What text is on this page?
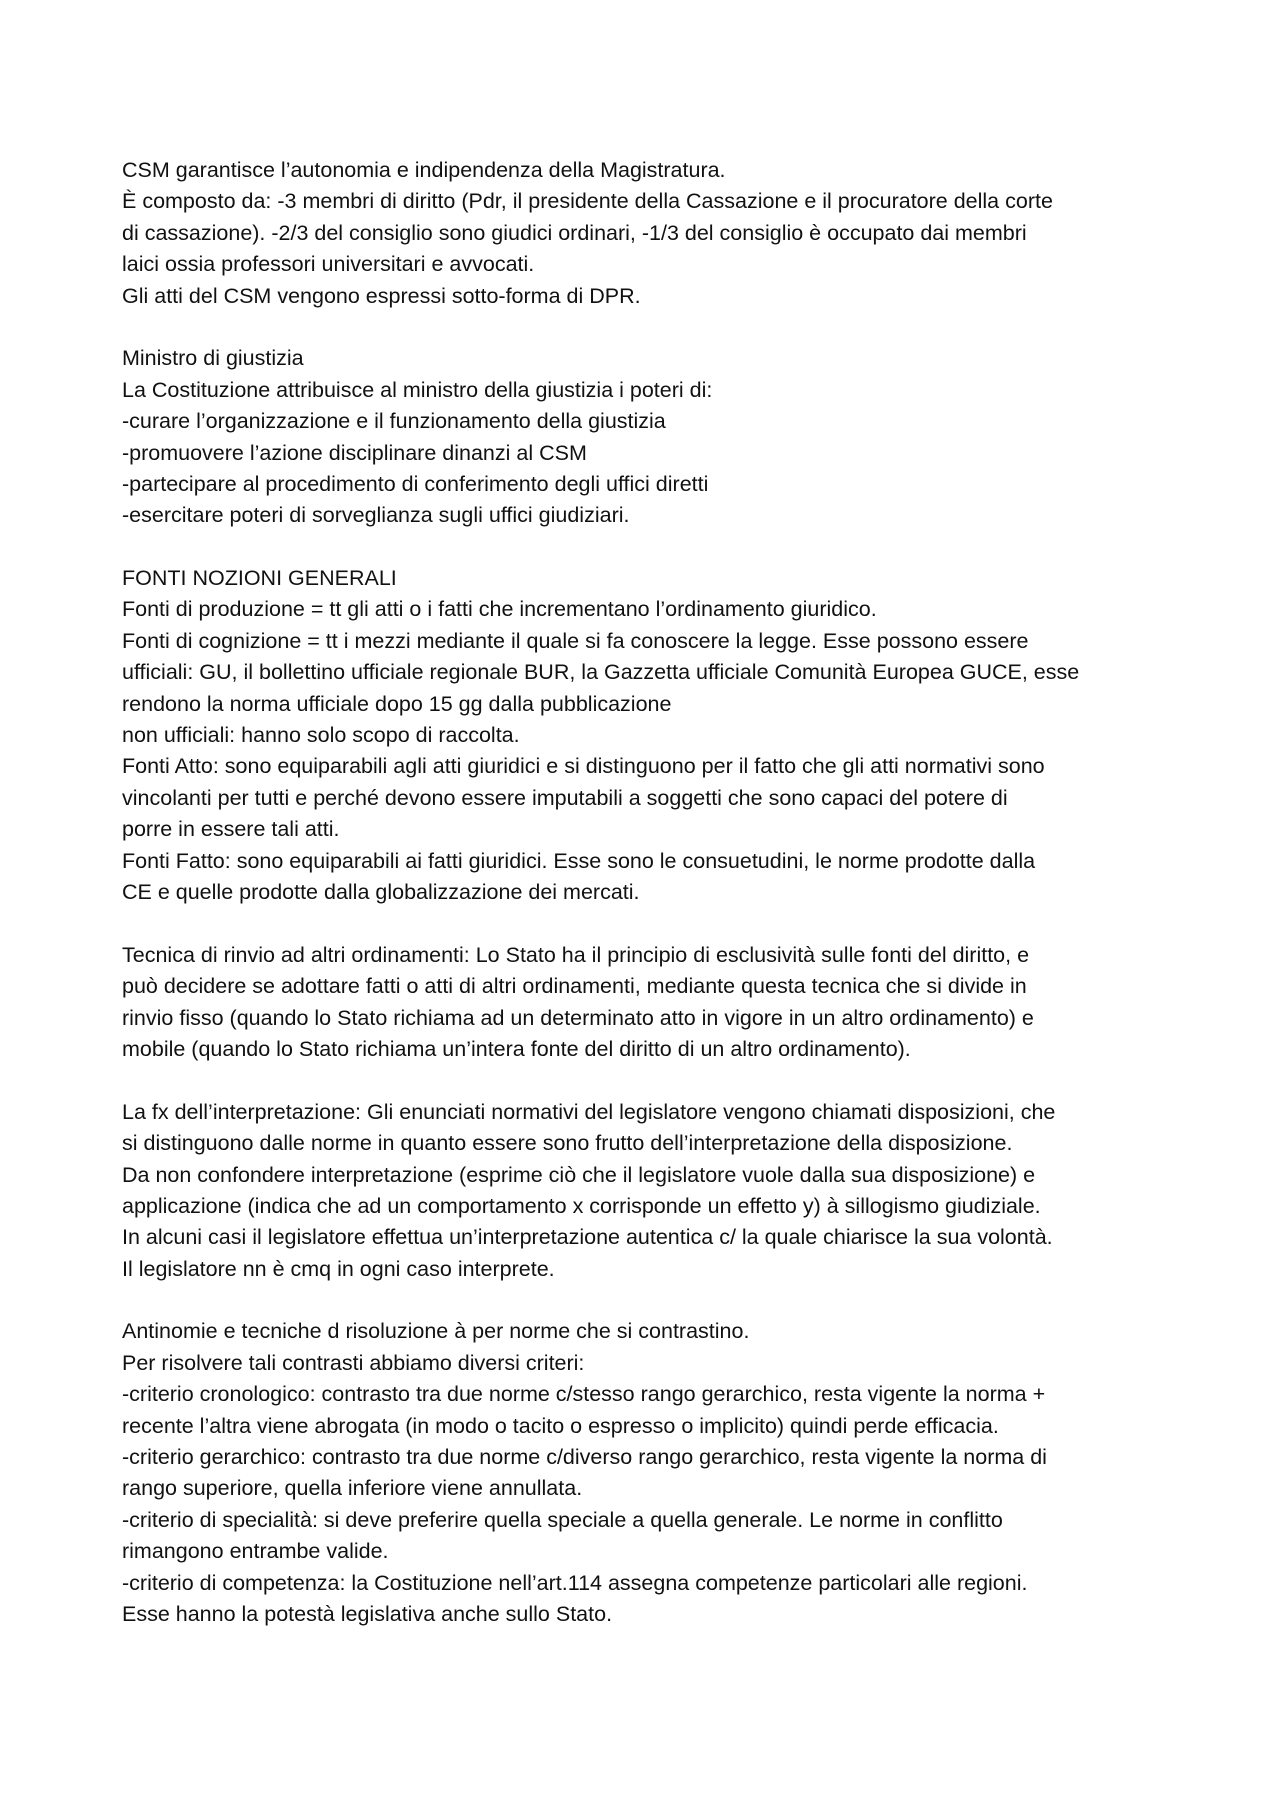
CSM garantisce l’autonomia e indipendenza della Magistratura.
È composto da: -3 membri di diritto (Pdr, il presidente della Cassazione e il procuratore della corte
di cassazione). -2/3 del consiglio sono giudici ordinari, -1/3 del consiglio è occupato dai membri
laici ossia professori universitari e avvocati.
Gli atti del CSM vengono espressi sotto-forma di DPR.
Ministro di giustizia
La Costituzione attribuisce al ministro della giustizia i poteri di:
-curare l’organizzazione e il funzionamento della giustizia
-promuovere l’azione disciplinare dinanzi al CSM
-partecipare al procedimento di conferimento degli uffici diretti
-esercitare poteri di sorveglianza sugli uffici giudiziari.
FONTI NOZIONI GENERALI
Fonti di produzione = tt gli atti o i fatti che incrementano l’ordinamento giuridico.
Fonti di cognizione = tt i mezzi mediante il quale si fa conoscere la legge. Esse possono essere
ufficiali: GU, il bollettino ufficiale regionale BUR, la Gazzetta ufficiale Comunità Europea GUCE, esse
rendono la norma ufficiale dopo 15 gg dalla pubblicazione
non ufficiali: hanno solo scopo di raccolta.
Fonti Atto: sono equiparabili agli atti giuridici e si distinguono per il fatto che gli atti normativi sono
vincolanti per tutti e perché devono essere imputabili a soggetti che sono capaci del potere di
porre in essere tali atti.
Fonti Fatto: sono equiparabili ai fatti giuridici. Esse sono le consuetudini, le norme prodotte dalla
CE e quelle prodotte dalla globalizzazione dei mercati.
Tecnica di rinvio ad altri ordinamenti: Lo Stato ha il principio di esclusività sulle fonti del diritto, e
può decidere se adottare fatti o atti di altri ordinamenti, mediante questa tecnica che si divide in
rinvio fisso (quando lo Stato richiama ad un determinato atto in vigore in un altro ordinamento) e
mobile (quando lo Stato richiama un’intera fonte del diritto di un altro ordinamento).
La fx dell’interpretazione: Gli enunciati normativi del legislatore vengono chiamati disposizioni, che
si distinguono dalle norme in quanto essere sono frutto dell’interpretazione della disposizione.
Da non confondere interpretazione (esprime ciò che il legislatore vuole dalla sua disposizione) e
applicazione (indica che ad un comportamento x corrisponde un effetto y) à sillogismo giudiziale.
In alcuni casi il legislatore effettua un’interpretazione autentica c/ la quale chiarisce la sua volontà.
Il legislatore nn è cmq in ogni caso interprete.
Antinomie e tecniche d risoluzione à per norme che si contrastino.
Per risolvere tali contrasti abbiamo diversi criteri:
-criterio cronologico: contrasto tra due norme c/stesso rango gerarchico, resta vigente la norma +
recente l’altra viene abrogata (in modo o tacito o espresso o implicito) quindi perde efficacia.
-criterio gerarchico: contrasto tra due norme c/diverso rango gerarchico, resta vigente la norma di
rango superiore, quella inferiore viene annullata.
-criterio di specialità: si deve preferire quella speciale a quella generale. Le norme in conflitto
rimangono entrambe valide.
-criterio di competenza: la Costituzione nell’art.114 assegna competenze particolari alle regioni.
Esse hanno la potestà legislativa anche sullo Stato.
